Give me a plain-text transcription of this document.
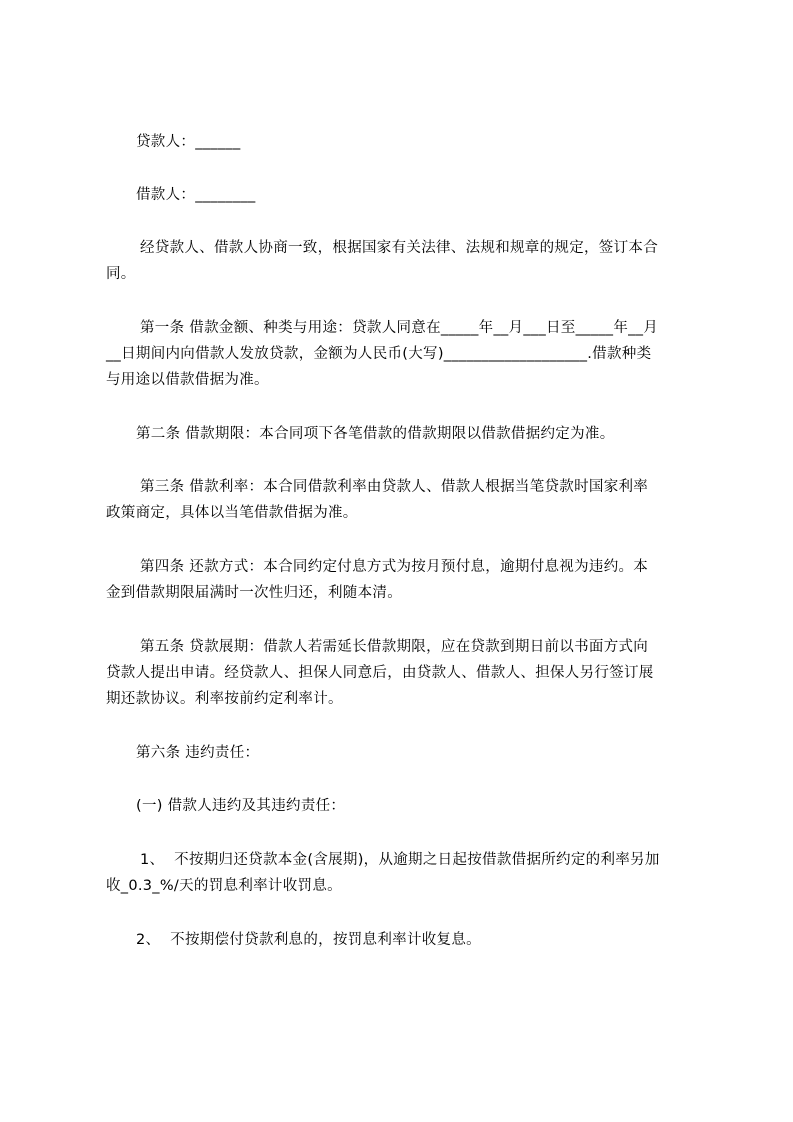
贷款人：______
借款人：________
经贷款人、借款人协商一致，根据国家有关法律、法规和规章的规定，签订本合
同。
第一条 借款金额、种类与用途：贷款人同意在_____年__月___日至_____年__月
__日期间内向借款人发放贷款，金额为人民币(大写)___________________.借款种类
与用途以借款借据为准。
第二条 借款期限：本合同项下各笔借款的借款期限以借款借据约定为准。
第三条 借款利率：本合同借款利率由贷款人、借款人根据当笔贷款时国家利率
政策商定，具体以当笔借款借据为准。
第四条 还款方式：本合同约定付息方式为按月预付息，逾期付息视为违约。本
金到借款期限届满时一次性归还，利随本清。
第五条 贷款展期：借款人若需延长借款期限，应在贷款到期日前以书面方式向
贷款人提出申请。经贷款人、担保人同意后，由贷款人、借款人、担保人另行签订展
期还款协议。利率按前约定利率计。
第六条 违约责任：
(一) 借款人违约及其违约责任：
1、  不按期归还贷款本金(含展期)，从逾期之日起按借款借据所约定的利率另加
收_0.3_%/天的罚息利率计收罚息。
2、  不按期偿付贷款利息的，按罚息利率计收复息。
